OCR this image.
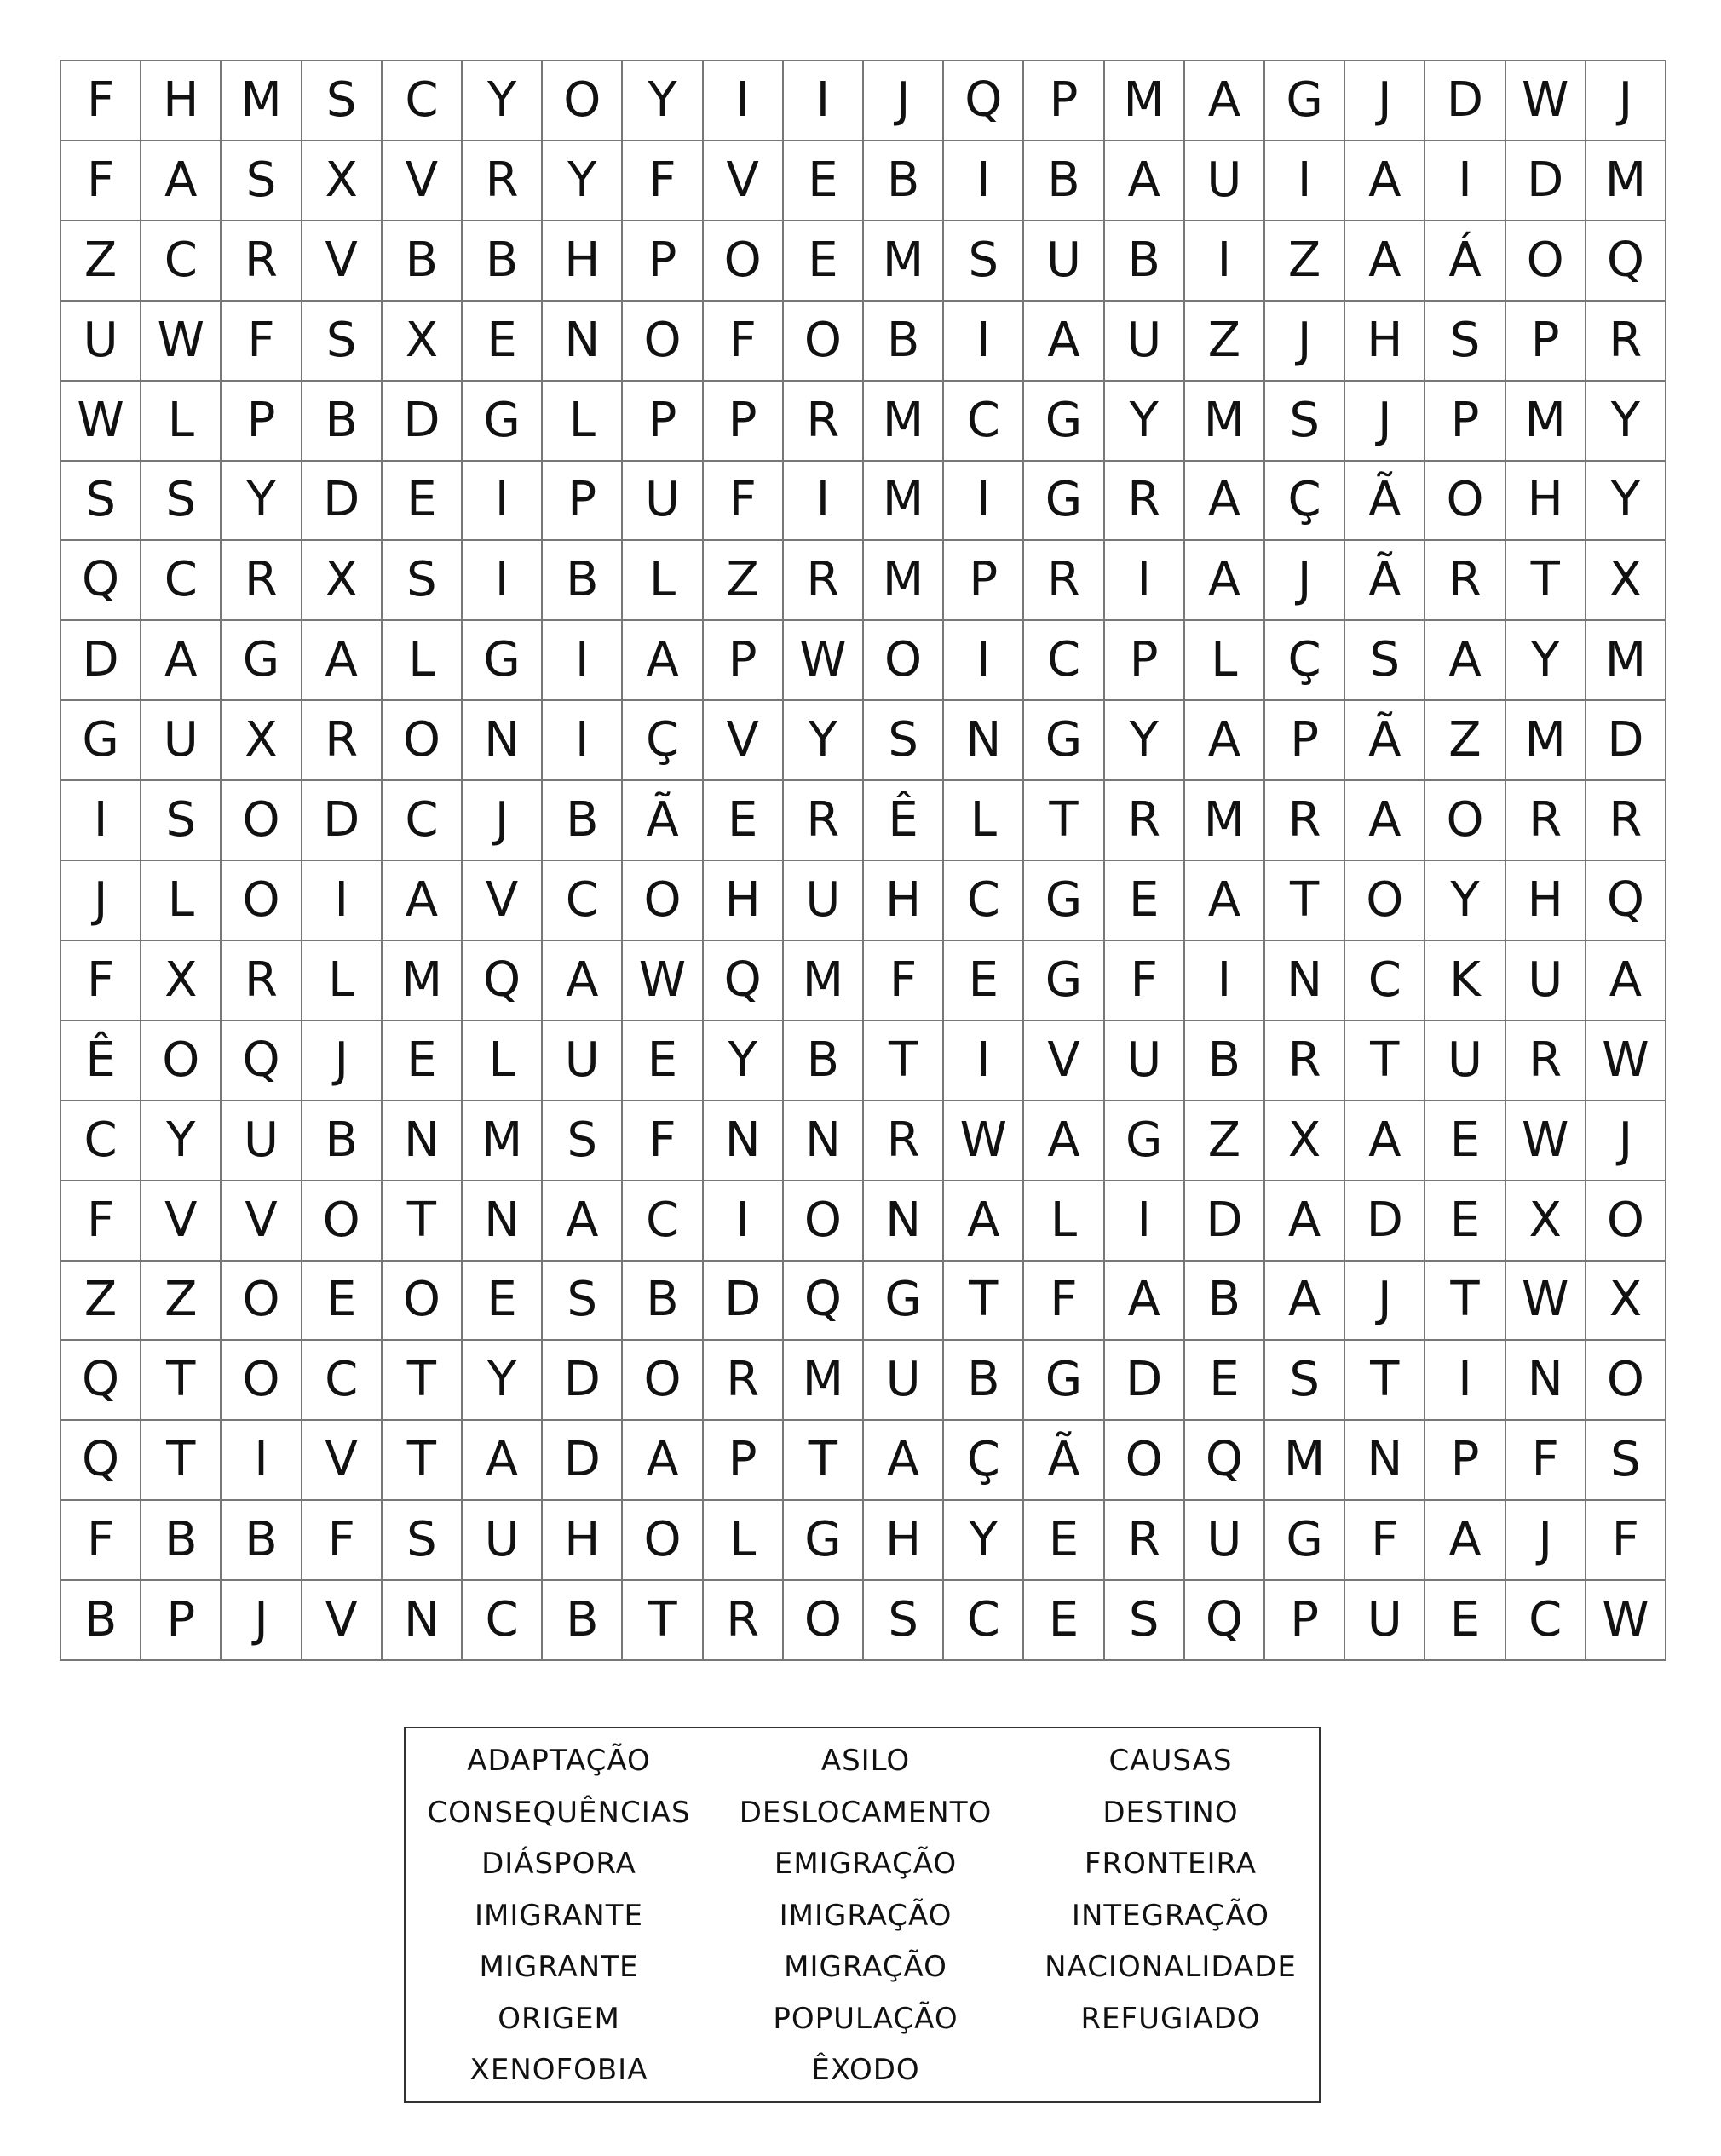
F	H M S	C	Y O Y	I	I	J	Q P M A G	J	D W	J
F	A	S	X V R	Y	F	V	E	B	I	B A U	I	A	I	D M
Z C R V B B H	P O E M S U B	I	Z A Á O Q
U W F	S	X	E N O	F	O B	I	A U Z	J	H S	P	R
W L	P	B D G	L	P	P	R M C G Y M S	J	P M Y
S	S	Y D E	I	P	U	F	I	M	I	G R A Ç Ã O H	Y
Q C R X	S	I	B	L	Z R M P	R	I	A	J	Ã R	T	X
D A G A	L	G	I	A	P W O	I	C	P	L	Ç	S	A	Y M
G U X R O N	I	Ç V	Y	S N G Y	A	P	Ã Z M D
I	S O D C	J	B Ã	E	R	Ê	L	T	R M R A O R R
J	L	O	I	A V C O H U H C G E	A	T O Y	H Q
F	X R	L M Q A W Q M F	E G	F	I	N C	K U A
Ê O Q	J	E	L	U	E	Y	B	T	I	V U B R	T	U R W
C	Y	U B N M S	F	N N R W A G Z X A	E W	J
F	V V O T	N A C	I	O N A	L	I	D A D E	X O
Z Z O E O E	S	B D Q G T	F	A B A	J	T W X
Q T O C	T	Y D O R M U B G D E	S	T	I	N O
Q T	I	V	T	A D A	P	T	A Ç Ã O Q M N	P	F	S
F	B B	F	S U H O	L	G H	Y	E	R U G	F	A	J	F
B	P	J	V N C B	T	R O S	C	E	S Q P	U	E	C W
ADAPTAÇÃO	ASILO	CAUSAS
CONSEQUÊNCIAS	DESLOCAMENTO	DESTINO
DIÁSPORA	EMIGRAÇÃO	FRONTEIRA
IMIGRANTE	IMIGRAÇÃO	INTEGRAÇÃO
MIGRANTE	MIGRAÇÃO	NACIONALIDADE
ORIGEM	POPULAÇÃO	REFUGIADO
XENOFOBIA	ÊXODO
